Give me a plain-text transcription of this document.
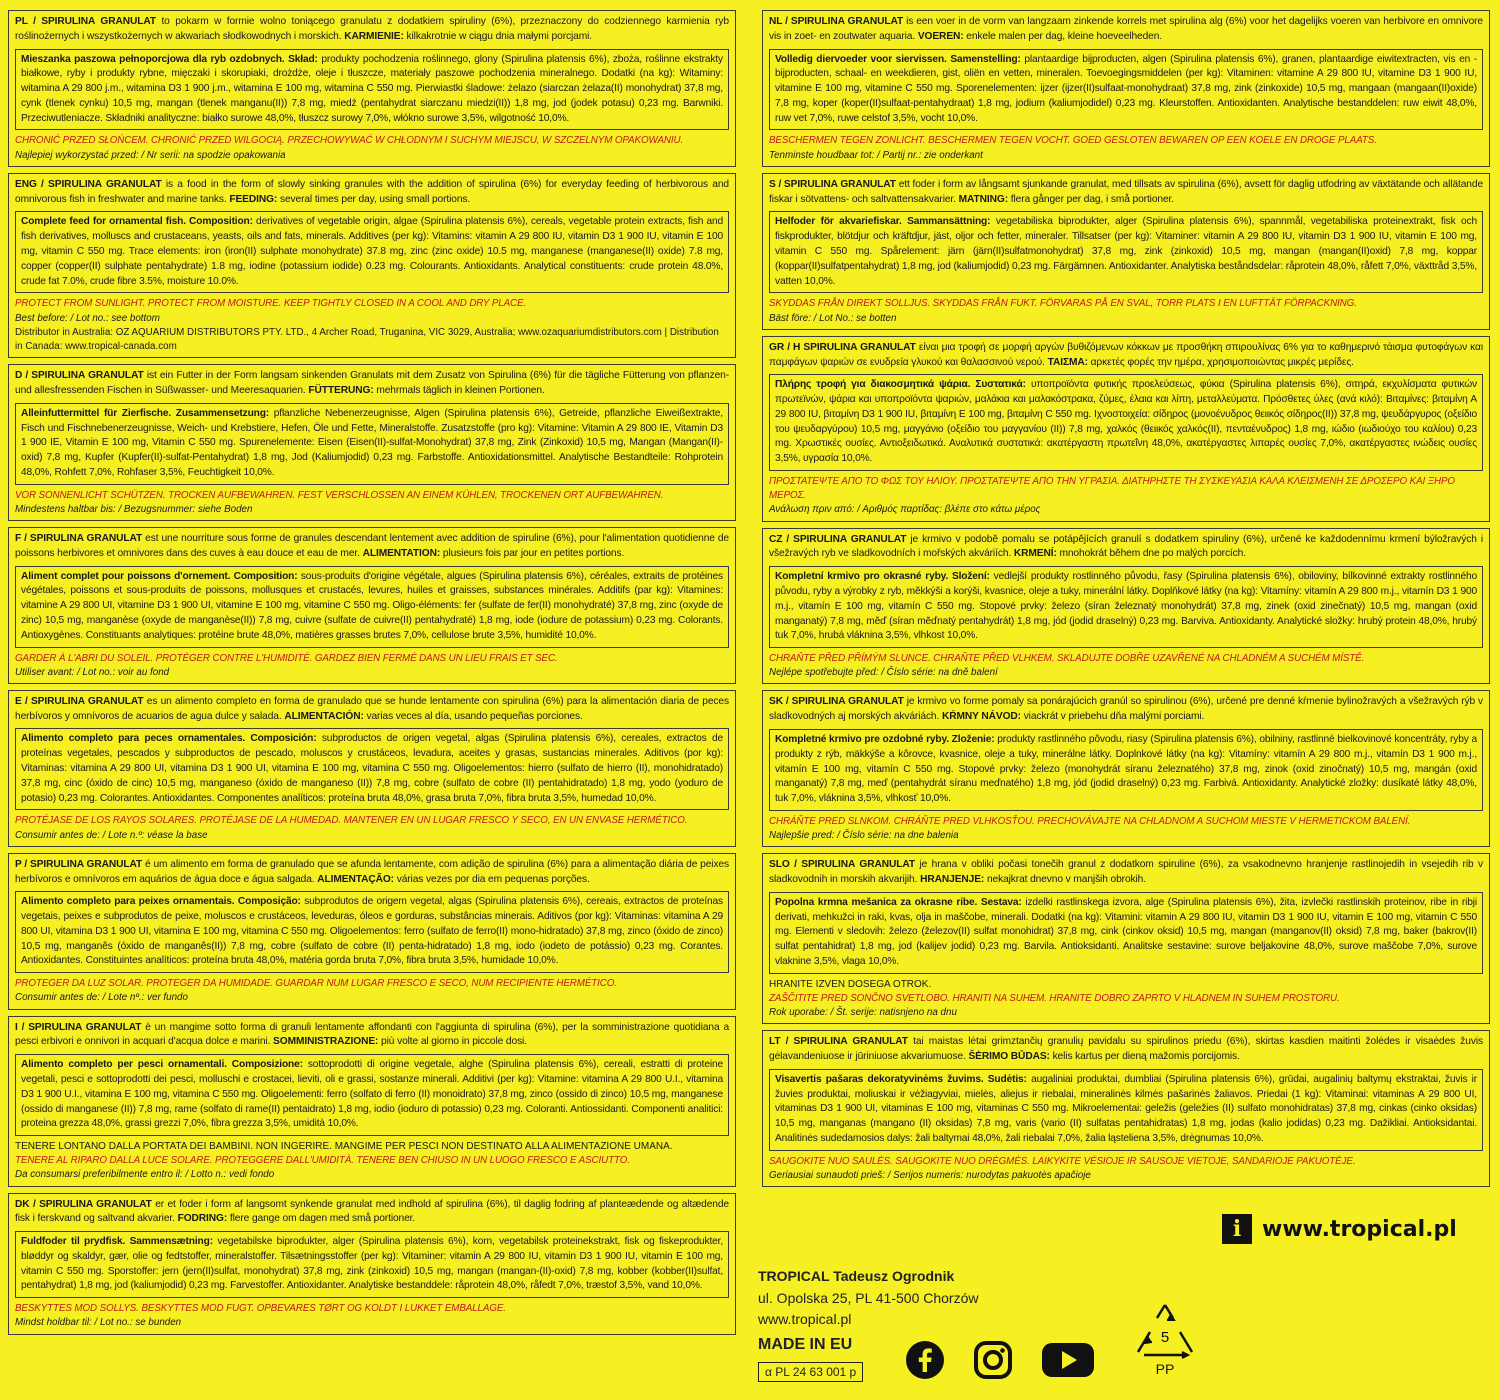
PL / SPIRULINA GRANULAT to pokarm w formie wolno toniącego granulatu z dodatkiem spiruliny (6%), przeznaczony do codziennego karmienia ryb roślinożernych i wszystkożernych w akwariach słodkowodnych i morskich. KARMIENIE: kilkakrotnie w ciągu dnia małymi porcjami.
Mieszanka paszowa pełnoporcjowa dla ryb ozdobnych. Skład: produkty pochodzenia roślinnego, glony (Spirulina platensis 6%), zboża, roślinne ekstrakty białkowe, ryby i produkty rybne, mięczaki i skorupiaki, drożdże, oleje i tłuszcze, materiały paszowe pochodzenia mineralnego. Dodatki (na kg): Witaminy: witamina A 29 800 j.m., witamina D3 1 900 j.m., witamina E 100 mg, witamina C 550 mg. Pierwiastki śladowe: żelazo (siarczan żelaza(II) monohydrat) 37,8 mg, cynk (tlenek cynku) 10,5 mg, mangan (tlenek manganu(II)) 7,8 mg, miedź (pentahydrat siarczanu miedzi(II)) 1,8 mg, jod (jodek potasu) 0,23 mg. Barwniki. Przeciwutleniacze. Składniki analityczne: białko surowe 48,0%, tłuszcz surowy 7,0%, włókno surowe 3,5%, wilgotność 10,0%.
CHRONIĆ PRZED SŁOŃCEM. CHRONIĆ PRZED WILGOCIĄ. PRZECHOWYWAĆ W CHŁODNYM I SUCHYM MIEJSCU, W SZCZELNYM OPAKOWANIU.
Najlepiej wykorzystać przed: / Nr serii: na spodzie opakowania
ENG / SPIRULINA GRANULAT is a food in the form of slowly sinking granules with the addition of spirulina (6%) for everyday feeding of herbivorous and omnivorous fish in freshwater and marine tanks. FEEDING: several times per day, using small portions.
Complete feed for ornamental fish. Composition: derivatives of vegetable origin, algae (Spirulina platensis 6%), cereals, vegetable protein extracts, fish and fish derivatives, molluscs and crustaceans, yeasts, oils and fats, minerals. Additives (per kg): Vitamins: vitamin A 29 800 IU, vitamin D3 1 900 IU, vitamin E 100 mg, vitamin C 550 mg. Trace elements: iron (iron(II) sulphate monohydrate) 37.8 mg, zinc (zinc oxide) 10.5 mg, manganese (manganese(II) oxide) 7.8 mg, copper (copper(II) sulphate pentahydrate) 1.8 mg, iodine (potassium iodide) 0.23 mg. Colourants. Antioxidants. Analytical constituents: crude protein 48.0%, crude fat 7.0%, crude fibre 3.5%, moisture 10.0%.
PROTECT FROM SUNLIGHT. PROTECT FROM MOISTURE. KEEP TIGHTLY CLOSED IN A COOL AND DRY PLACE.
Best before: / Lot no.: see bottom
Distributor in Australia: OZ AQUARIUM DISTRIBUTORS PTY. LTD., 4 Archer Road, Truganina, VIC 3029, Australia; www.ozaquariumdistributors.com | Distribution in Canada: www.tropical-canada.com
D / SPIRULINA GRANULAT ist ein Futter in der Form langsam sinkenden Granulats mit dem Zusatz von Spirulina (6%) für die tägliche Fütterung von pflanzen- und allesfressenden Fischen in Süßwasser- und Meeresaquarien. FÜTTERUNG: mehrmals täglich in kleinen Portionen.
Alleinfuttermittel für Zierfische. Zusammensetzung: pflanzliche Nebenerzeugnisse, Algen (Spirulina platensis 6%), Getreide, pflanzliche Eiweißextrakte, Fisch und Fischnebenerzeugnisse, Weich- und Krebstiere, Hefen, Öle und Fette, Mineralstoffe. Zusatzstoffe (pro kg): Vitamine: Vitamin A 29 800 IE, Vitamin D3 1 900 IE, Vitamin E 100 mg, Vitamin C 550 mg. Spurenelemente: Eisen (Eisen(II)-sulfat-Monohydrat) 37,8 mg, Zink (Zinkoxid) 10,5 mg, Mangan (Mangan(II)-oxid) 7,8 mg, Kupfer (Kupfer(II)-sulfat-Pentahydrat) 1,8 mg, Jod (Kaliumjodid) 0,23 mg. Farbstoffe. Antioxidationsmittel. Analytische Bestandteile: Rohprotein 48,0%, Rohfett 7,0%, Rohfaser 3,5%, Feuchtigkeit 10,0%.
VOR SONNENLICHT SCHÜTZEN. TROCKEN AUFBEWAHREN. FEST VERSCHLOSSEN AN EINEM KÜHLEN, TROCKENEN ORT AUFBEWAHREN.
Mindestens haltbar bis: / Bezugsnummer: siehe Boden
F / SPIRULINA GRANULAT est une nourriture sous forme de granules descendant lentement avec addition de spiruline (6%), pour l'alimentation quotidienne de poissons herbivores et omnivores dans des cuves à eau douce et eau de mer. ALIMENTATION: plusieurs fois par jour en petites portions.
Aliment complet pour poissons d'ornement. Composition: sous-produits d'origine végétale, algues (Spirulina platensis 6%), céréales, extraits de protéines végétales, poissons et sous-produits de poissons, mollusques et crustacés, levures, huiles et graisses, substances minérales. Additifs (par kg): Vitamines: vitamine A 29 800 UI, vitamine D3 1 900 UI, vitamine E 100 mg, vitamine C 550 mg. Oligo-éléments: fer (sulfate de fer(II) monohydraté) 37,8 mg, zinc (oxyde de zinc) 10,5 mg, manganèse (oxyde de manganèse(II)) 7,8 mg, cuivre (sulfate de cuivre(II) pentahydraté) 1,8 mg, iode (iodure de potassium) 0,23 mg. Colorants. Antioxygènes. Constituants analytiques: protéine brute 48,0%, matières grasses brutes 7,0%, cellulose brute 3,5%, humidité 10,0%.
GARDER À L'ABRI DU SOLEIL. PROTÉGER CONTRE L'HUMIDITÉ. GARDEZ BIEN FERMÉ DANS UN LIEU FRAIS ET SEC.
Utiliser avant: / Lot no.: voir au fond
E / SPIRULINA GRANULAT es un alimento completo en forma de granulado que se hunde lentamente con spirulina (6%) para la alimentación diaria de peces herbívoros y omnívoros de acuarios de agua dulce y salada. ALIMENTACIÓN: varias veces al día, usando pequeñas porciones.
Alimento completo para peces ornamentales. Composición: subproductos de origen vegetal, algas (Spirulina platensis 6%), cereales, extractos de proteínas vegetales, pescados y subproductos de pescado, moluscos y crustáceos, levadura, aceites y grasas, sustancias minerales. Aditivos (por kg): Vitaminas: vitamina A 29 800 UI, vitamina D3 1 900 UI, vitamina E 100 mg, vitamina C 550 mg. Oligoelementos: hierro (sulfato de hierro (II), monohidratado) 37,8 mg, cinc (óxido de cinc) 10,5 mg, manganeso (óxido de manganeso (II)) 7,8 mg, cobre (sulfato de cobre (II) pentahidratado) 1,8 mg, yodo (yoduro de potasio) 0,23 mg. Colorantes. Antioxidantes. Componentes analíticos: proteína bruta 48,0%, grasa bruta 7,0%, fibra bruta 3,5%, humedad 10,0%.
PROTÉJASE DE LOS RAYOS SOLARES. PROTÉJASE DE LA HUMEDAD. MANTENER EN UN LUGAR FRESCO Y SECO, EN UN ENVASE HERMÉTICO.
Consumir antes de: / Lote n.º: véase la base
P / SPIRULINA GRANULAT é um alimento em forma de granulado que se afunda lentamente, com adição de spirulina (6%) para a alimentação diária de peixes herbívoros e omnívoros em aquários de água doce e água salgada. ALIMENTAÇÃO: várias vezes por dia em pequenas porções.
Alimento completo para peixes ornamentais. Composição: subprodutos de origem vegetal, algas (Spirulina platensis 6%), cereais, extractos de proteínas vegetais, peixes e subprodutos de peixe, moluscos e crustáceos, leveduras, óleos e gorduras, substâncias minerais. Aditivos (por kg): Vitaminas: vitamina A 29 800 UI, vitamina D3 1 900 UI, vitamina E 100 mg, vitamina C 550 mg. Oligoelementos: ferro (sulfato de ferro(II) mono-hidratado) 37,8 mg, zinco (óxido de zinco) 10,5 mg, manganês (óxido de manganês(II)) 7,8 mg, cobre (sulfato de cobre (II) penta-hidratado) 1,8 mg, iodo (iodeto de potássio) 0,23 mg. Corantes. Antioxidantes. Constituintes analíticos: proteína bruta 48,0%, matéria gorda bruta 7,0%, fibra bruta 3,5%, humidade 10,0%.
PROTEGER DA LUZ SOLAR. PROTEGER DA HUMIDADE. GUARDAR NUM LUGAR FRESCO E SECO, NUM RECIPIENTE HERMÉTICO.
Consumir antes de: / Lote nº.: ver fundo
I / SPIRULINA GRANULAT è un mangime sotto forma di granuli lentamente affondanti con l'aggiunta di spirulina (6%), per la somministrazione quotidiana a pesci erbivori e onnivori in acquari d'acqua dolce e marini. SOMMINISTRAZIONE: più volte al giorno in piccole dosi.
Alimento completo per pesci ornamentali. Composizione: sottoprodotti di origine vegetale, alghe (Spirulina platensis 6%), cereali, estratti di proteine vegetali, pesci e sottoprodotti dei pesci, molluschi e crostacei, lieviti, oli e grassi, sostanze minerali. Additivi (per kg): Vitamine: vitamina A 29 800 U.I., vitamina D3 1 900 U.I., vitamina E 100 mg, vitamina C 550 mg. Oligoelementi: ferro (solfato di ferro (II) monoidrato) 37,8 mg, zinco (ossido di zinco) 10,5 mg, manganese (ossido di manganese (II)) 7,8 mg, rame (solfato di rame(II) pentaidrato) 1,8 mg, iodio (ioduro di potassio) 0,23 mg. Coloranti. Antiossidanti. Componenti analitici: proteina grezza 48,0%, grassi grezzi 7,0%, fibra grezza 3,5%, umidità 10,0%.
TENERE LONTANO DALLA PORTATA DEI BAMBINI. NON INGERIRE. MANGIME PER PESCI NON DESTINATO ALLA ALIMENTAZIONE UMANA.
TENERE AL RIPARO DALLA LUCE SOLARE. PROTEGGERE DALL'UMIDITÀ. TENERE BEN CHIUSO IN UN LUOGO FRESCO E ASCIUTTO.
Da consumarsi preferibilmente entro il: / Lotto n.: vedi fondo
DK / SPIRULINA GRANULAT er et foder i form af langsomt synkende granulat med indhold af spirulina (6%), til daglig fodring af planteædende og altædende fisk i ferskvand og saltvand akvarier. FODRING: flere gange om dagen med små portioner.
Fuldfoder til prydfisk. Sammensætning: vegetabilske biprodukter, alger (Spirulina platensis 6%), korn, vegetabilsk proteinekstrakt, fisk og fiskeprodukter, bløddyr og skaldyr, gær, olie og fedtstoffer, mineralstoffer. Tilsætningsstoffer (per kg): Vitaminer: vitamin A 29 800 IU, vitamin D3 1 900 IU, vitamin E 100 mg, vitamin C 550 mg. Sporstoffer: jern (jern(II)sulfat, monohydrat) 37,8 mg, zink (zinkoxid) 10,5 mg, mangan (mangan-(II)-oxid) 7,8 mg, kobber (kobber(II)sulfat, pentahydrat) 1,8 mg, jod (kaliumjodid) 0,23 mg. Farvestoffer. Antioxidanter. Analytiske bestanddele: råprotein 48,0%, råfedt 7,0%, træstof 3,5%, vand 10,0%.
BESKYTTES MOD SOLLYS. BESKYTTES MOD FUGT. OPBEVARES TØRT OG KOLDT I LUKKET EMBALLAGE.
Mindst holdbar til: / Lot no.: se bunden
NL / SPIRULINA GRANULAT is een voer in de vorm van langzaam zinkende korrels met spirulina alg (6%) voor het dagelijks voeren van herbivore en omnivore vis in zoet- en zoutwater aquaria. VOEREN: enkele malen per dag, kleine hoeveelheden.
Volledig diervoeder voor siervissen. Samenstelling: plantaardige bijproducten, algen (Spirulina platensis 6%), granen, plantaardige eiwitextracten, vis en -bijproducten, schaal- en weekdieren, gist, oliën en vetten, mineralen. Toevoegingsmiddelen (per kg): Vitaminen: vitamine A 29 800 IU, vitamine D3 1 900 IU, vitamine E 100 mg, vitamine C 550 mg. Sporenelementen: ijzer (ijzer(II)sulfaat-monohydraat) 37,8 mg, zink (zinkoxide) 10,5 mg, mangaan (mangaan(II)oxide) 7,8 mg, koper (koper(II)sulfaat-pentahydraat) 1,8 mg, jodium (kaliumjodidel) 0,23 mg. Kleurstoffen. Antioxidanten. Analytische bestanddelen: ruw eiwit 48,0%, ruw vet 7,0%, ruwe celstof 3,5%, vocht 10,0%.
BESCHERMEN TEGEN ZONLICHT. BESCHERMEN TEGEN VOCHT. GOED GESLOTEN BEWAREN OP EEN KOELE EN DROGE PLAATS.
Tenminste houdbaar tot: / Partij nr.: zie onderkant
S / SPIRULINA GRANULAT ett foder i form av långsamt sjunkande granulat, med tillsats av spirulina (6%), avsett för daglig utfodring av växtätande och allätande fiskar i sötvattens- och saltvattensakvarier. MATNING: flera gånger per dag, i små portioner.
Helfoder för akvariefiskar. Sammansättning: vegetabiliska biprodukter, alger (Spirulina platensis 6%), spannmål, vegetabiliska proteinextrakt, fisk och fiskprodukter, blötdjur och kräftdjur, jäst, oljor och fetter, mineraler. Tillsatser (per kg): Vitaminer: vitamin A 29 800 IU, vitamin D3 1 900 IU, vitamin E 100 mg, vitamin C 550 mg. Spårelement: järn (järn(II)sulfatmonohydrat) 37,8 mg, zink (zinkoxid) 10,5 mg, mangan (mangan(II)oxid) 7,8 mg, koppar (koppar(II)sulfatpentahydrat) 1,8 mg, jod (kaliumjodid) 0,23 mg. Färgämnen. Antioxidanter. Analytiska beståndsdelar: råprotein 48,0%, råfett 7,0%, växttråd 3,5%, vatten 10,0%.
SKYDDAS FRÅN DIREKT SOLLJUS. SKYDDAS FRÅN FUKT. FÖRVARAS PÅ EN SVAL, TORR PLATS I EN LUFTTÄT FÖRPACKNING.
Bäst före: / Lot No.: se botten
GR / H SPIRULINA GRANULAT είναι μια τροφή σε μορφή αργών βυθιζόμενων κόκκων με προσθήκη σπιρουλίνας 6% για το καθημερινό τάισμα φυτοφάγων και παμφάγων ψαριών σε ενυδρεία γλυκού και θαλασσινού νερού. ΤΑΙΣΜΑ: αρκετές φορές την ημέρα, χρησιμοποιώντας μικρές μερίδες.
Πλήρης τροφή για διακοσμητικά ψάρια. Συστατικά: υποπροϊόντα φυτικής προελεύσεως, φύκια (Spirulina platensis 6%), σιτηρά, εκχυλίσματα φυτικών πρωτεϊνών, ψάρια και υποπροϊόντα ψαριών, μαλάκια και μαλακόστρακα, ζύμες, έλαια και λίπη, μεταλλεύματα. Πρόσθετες ύλες (ανά κιλό): Βιταμίνες: βιταμίνη Α 29 800 IU, βιταμίνη D3 1 900 IU, βιταμίνη Ε 100 mg, βιταμίνη C 550 mg. Ιχνοστοιχεία: σίδηρος (μονοένυδρος θειικός σίδηρος(ΙΙ)) 37,8 mg, ψευδάργυρος (οξείδιο του ψευδαργύρου) 10,5 mg, μαγγάνιο (οξείδιο του μαγγανίου (ΙΙ)) 7,8 mg, χαλκός (θειικός χαλκός(ΙΙ), πενταένυδρος) 1,8 mg, ιώδιο (ιωδιούχο του καλίου) 0,23 mg. Χρωστικές ουσίες. Αντιοξειδωτικά. Αναλυτικά συστατικά: ακατέργαστη πρωτεΐνη 48,0%, ακατέργαστες λιπαρές ουσίες 7,0%, ακατέργαστες ινώδεις ουσίες 3,5%, υγρασία 10,0%.
ΠΡΟΣΤΑΤΕΨΤΕ ΑΠΟ ΤΟ ΦΩΣ ΤΟΥ ΗΛΙΟΥ. ΠΡΟΣΤΑΤΕΨΤΕ ΑΠΟ ΤΗΝ ΥΓΡΑΣΙΑ. ΔΙΑΤΗΡΗΣΤΕ ΤΗ ΣΥΣΚΕΥΑΣΙΑ ΚΑΛΑ ΚΛΕΙΣΜΕΝΗ ΣΕ ΔΡΟΣΕΡΟ ΚΑΙ ΞΗΡΟ ΜΕΡΟΣ.
Ανάλωση πριν από: / Αριθμός παρτίδας: βλέπε στο κάτω μέρος
CZ / SPIRULINA GRANULAT je krmivo v podobě pomalu se potápějících granulí s dodatkem spiruliny (6%), určené ke každodennímu krmení býložravých i všežravých ryb ve sladkovodních i mořských akváriích. KRMENÍ: mnohokrát během dne po malých porcích.
Kompletní krmivo pro okrasné ryby. Složení: vedlejší produkty rostlinného původu, řasy (Spirulina platensis 6%), obiloviny, bílkovinné extrakty rostlinného původu, ryby a výrobky z ryb, měkkýši a korýši, kvasnice, oleje a tuky, minerální látky. Doplňkové látky (na kg): Vitamíny: vitamín A 29 800 m.j., vitamín D3 1 900 m.j., vitamín E 100 mg, vitamín C 550 mg. Stopové prvky: železo (síran železnatý monohydrát) 37,8 mg, zinek (oxid zinečnatý) 10,5 mg, mangan (oxid manganatý) 7,8 mg, měď (síran měďnatý pentahydrát) 1,8 mg, jód (jodid draselný) 0,23 mg. Barviva. Antioxidanty. Analytické složky: hrubý protein 48,0%, hrubý tuk 7,0%, hrubá vláknina 3,5%, vlhkost 10,0%.
CHRAŇTE PŘED PŘÍMÝM SLUNCE. CHRAŇTE PŘED VLHKEM. SKLADUJTE DOBŘE UZAVŘENÉ NA CHLADNÉM A SUCHÉM MÍSTĚ.
Nejlépe spotřebujte před: / Číslo série: na dně balení
SK / SPIRULINA GRANULAT je krmivo vo forme pomaly sa ponárajúcich granúl so spirulinou (6%), určené pre denné kŕmenie bylinožravých a všežravých rýb v sladkovodných aj morských akváriách. KŔMNY NÁVOD: viackrát v priebehu dňa malými porciami.
Kompletné krmivo pre ozdobné ryby. Zloženie: produkty rastlinného pôvodu, riasy (Spirulina platensis 6%), obilniny, rastlinné bielkovinové koncentráty, ryby a produkty z rýb, mäkkýše a kôrovce, kvasnice, oleje a tuky, minerálne látky. Doplnkové látky (na kg): Vitamíny: vitamín A 29 800 m.j., vitamín D3 1 900 m.j., vitamín E 100 mg, vitamín C 550 mg. Stopové prvky: železo (monohydrát síranu železnatého) 37,8 mg, zinok (oxid zinočnatý) 10,5 mg, mangán (oxid manganatý) 7,8 mg, meď (pentahydrát síranu meďnatého) 1,8 mg, jód (jodid draselný) 0,23 mg. Farbivá. Antioxidanty. Analytické zložky: dusíkaté látky 48,0%, tuk 7,0%, vláknina 3,5%, vlhkosť 10,0%.
CHRÁŇTE PRED SLNKOM. CHRÁŇTE PRED VLHKOSŤOU. PRECHOVÁVAJTE NA CHLADNOM A SUCHOM MIESTE V HERMETICKOM BALENÍ.
Najlepšie pred: / Číslo série: na dne balenia
SLO / SPIRULINA GRANULAT je hrana v obliki počasi tonečih granul z dodatkom spiruline (6%), za vsakodnevno hranjenje rastlinojedih in vsejedih rib v sladkovodnih in morskih akvarijih. HRANJENJE: nekajkrat dnevno v manjših obrokih.
Popolna krmna mešanica za okrasne ribe. Sestava: izdelki rastlinskega izvora, alge (Spirulina platensis 6%), žita, izvlečki rastlinskih proteinov, ribe in ribji derivati, mehkužci in raki, kvas, olja in maščobe, minerali. Dodatki (na kg): Vitamini: vitamin A 29 800 IU, vitamin D3 1 900 IU, vitamin E 100 mg, vitamin C 550 mg. Elementi v sledovih: železo (železov(II) sulfat monohidrat) 37,8 mg, cink (cinkov oksid) 10,5 mg, mangan (manganov(II) oksid) 7,8 mg, baker (bakrov(II) sulfat pentahidrat) 1,8 mg, jod (kalijev jodid) 0,23 mg. Barvila. Antioksidanti. Analitske sestavine: surove beljakovine 48,0%, surove maščobe 7,0%, surove vlaknine 3,5%, vlaga 10,0%.
HRANITE IZVEN DOSEGA OTROK.
ZAŠČITITE PRED SONČNO SVETLOBO. HRANITI NA SUHEM. HRANITE DOBRO ZAPRTO V HLADNEM IN SUHEM PROSTORU.
Rok uporabe: / Št. serije: natisnjeno na dnu
LT / SPIRULINA GRANULAT tai maistas lėtai grimztančių granulių pavidalu su spirulinos priedu (6%), skirtas kasdien maitinti žolėdes ir visaėdes žuvis gėlavandeniuose ir jūriniuose akvariumuose. ŠĖRIMO BŪDAS: kelis kartus per dieną mažomis porcijomis.
Visavertis pašaras dekoratyvinėms žuvims. Sudėtis: augaliniai produktai, dumbliai (Spirulina platensis 6%), grūdai, augalinių baltymų ekstraktai, žuvis ir žuvies produktai, moliuskai ir vėžiagyviai, mielės, aliejus ir riebalai, mineralinės kilmės pašarinės žaliavos. Priedai (1 kg): Vitaminai: vitaminas A 29 800 UI, vitaminas D3 1 900 UI, vitaminas E 100 mg, vitaminas C 550 mg. Mikroelementai: geležis (geležies (II) sulfato monohidratas) 37,8 mg, cinkas (cinko oksidas) 10,5 mg, manganas (mangano (II) oksidas) 7,8 mg, varis (vario (II) sulfatas pentahidratas) 1,8 mg, jodas (kalio jodidas) 0,23 mg. Dažikliai. Antioksidantai. Analitinės sudedamosios dalys: žali baltymai 48,0%, žali riebalai 7,0%, žalia ląsteliena 3,5%, drėgnumas 10,0%.
SAUGOKITE NUO SAULĖS. SAUGOKITE NUO DRĖGMĖS. LAIKYKITE VĖSIOJE IR SAUSOJE VIETOJE, SANDARIOJE PAKUOTĖJE.
Geriausiai sunaudoti prieš: / Serijos numeris: nurodytas pakuotės apačioje
i www.tropical.pl
TROPICAL Tadeusz Ogrodnik
ul. Opolska 25, PL 41-500 Chorzów
www.tropical.pl
MADE IN EU
α PL 24 63 001 p
5
PP
